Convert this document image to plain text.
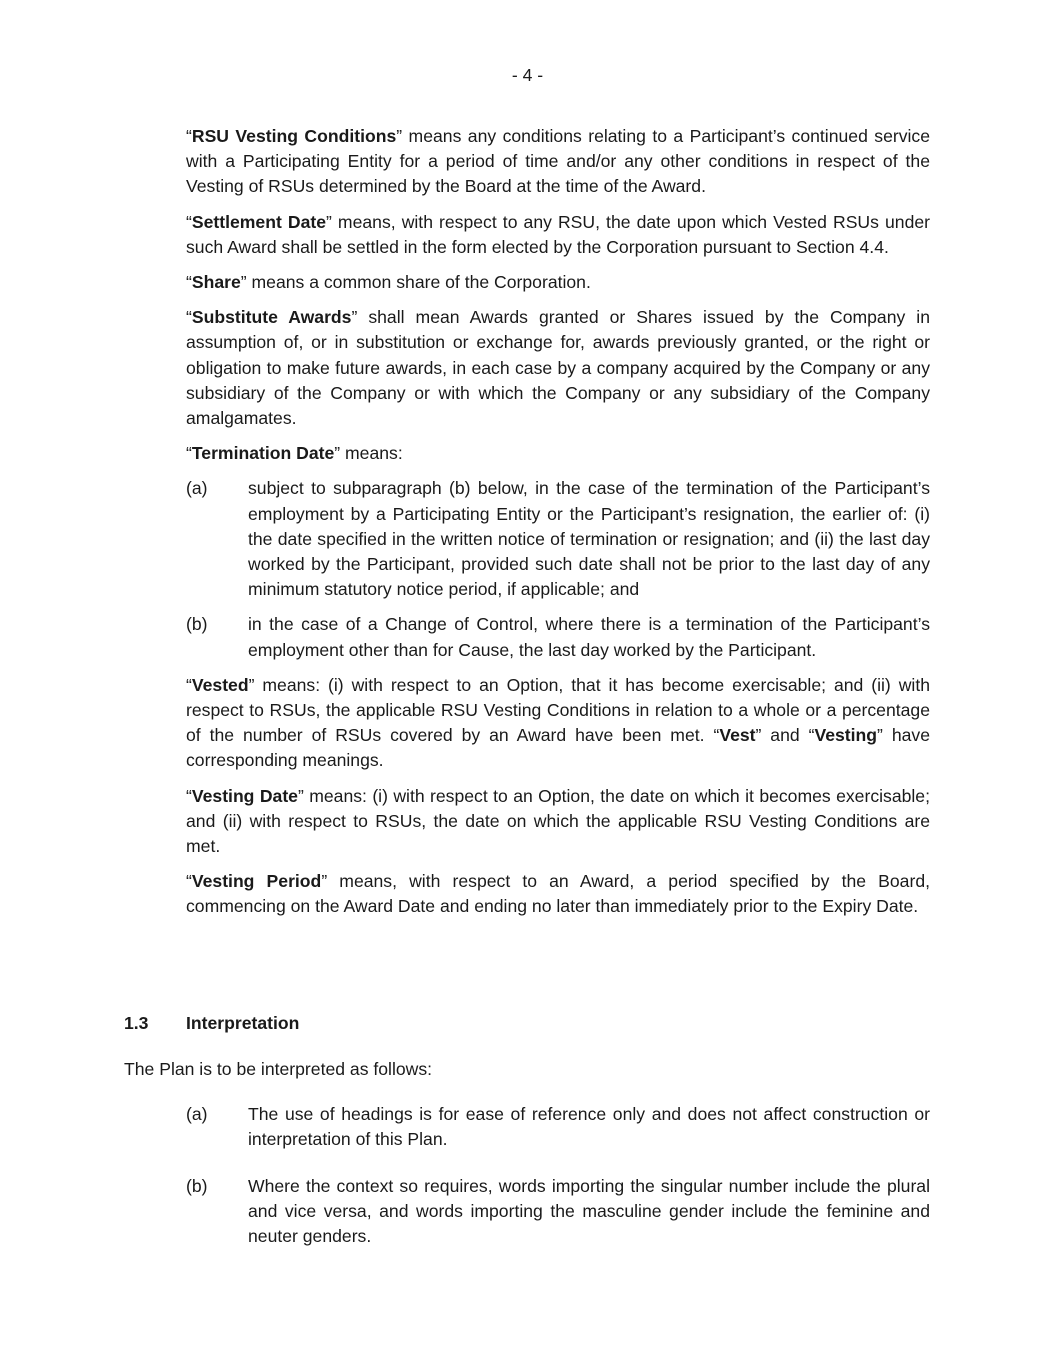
- 4 -

“RSU Vesting Conditions” means any conditions relating to a Participant’s continued service with a Participating Entity for a period of time and/or any other conditions in respect of the Vesting of RSUs determined by the Board at the time of the Award.

“Settlement Date” means, with respect to any RSU, the date upon which Vested RSUs under such Award shall be settled in the form elected by the Corporation pursuant to Section 4.4.

“Share” means a common share of the Corporation.

“Substitute Awards” shall mean Awards granted or Shares issued by the Company in assumption of, or in substitution or exchange for, awards previously granted, or the right or obligation to make future awards, in each case by a company acquired by the Company or any subsidiary of the Company or with which the Company or any subsidiary of the Company amalgamates.

“Termination Date” means:

(a) subject to subparagraph (b) below, in the case of the termination of the Participant’s employment by a Participating Entity or the Participant’s resignation, the earlier of: (i) the date specified in the written notice of termination or resignation; and (ii) the last day worked by the Participant, provided such date shall not be prior to the last day of any minimum statutory notice period, if applicable; and
(b) in the case of a Change of Control, where there is a termination of the Participant’s employment other than for Cause, the last day worked by the Participant.

“Vested” means: (i) with respect to an Option, that it has become exercisable; and (ii) with respect to RSUs, the applicable RSU Vesting Conditions in relation to a whole or a percentage of the number of RSUs covered by an Award have been met. “Vest” and “Vesting” have corresponding meanings.

“Vesting Date” means: (i) with respect to an Option, the date on which it becomes exercisable; and (ii) with respect to RSUs, the date on which the applicable RSU Vesting Conditions are met.

“Vesting Period” means, with respect to an Award, a period specified by the Board, commencing on the Award Date and ending no later than immediately prior to the Expiry Date.

1.3 Interpretation
The Plan is to be interpreted as follows:
(a) The use of headings is for ease of reference only and does not affect construction or interpretation of this Plan.
(b) Where the context so requires, words importing the singular number include the plural and vice versa, and words importing the masculine gender include the feminine and neuter genders.
